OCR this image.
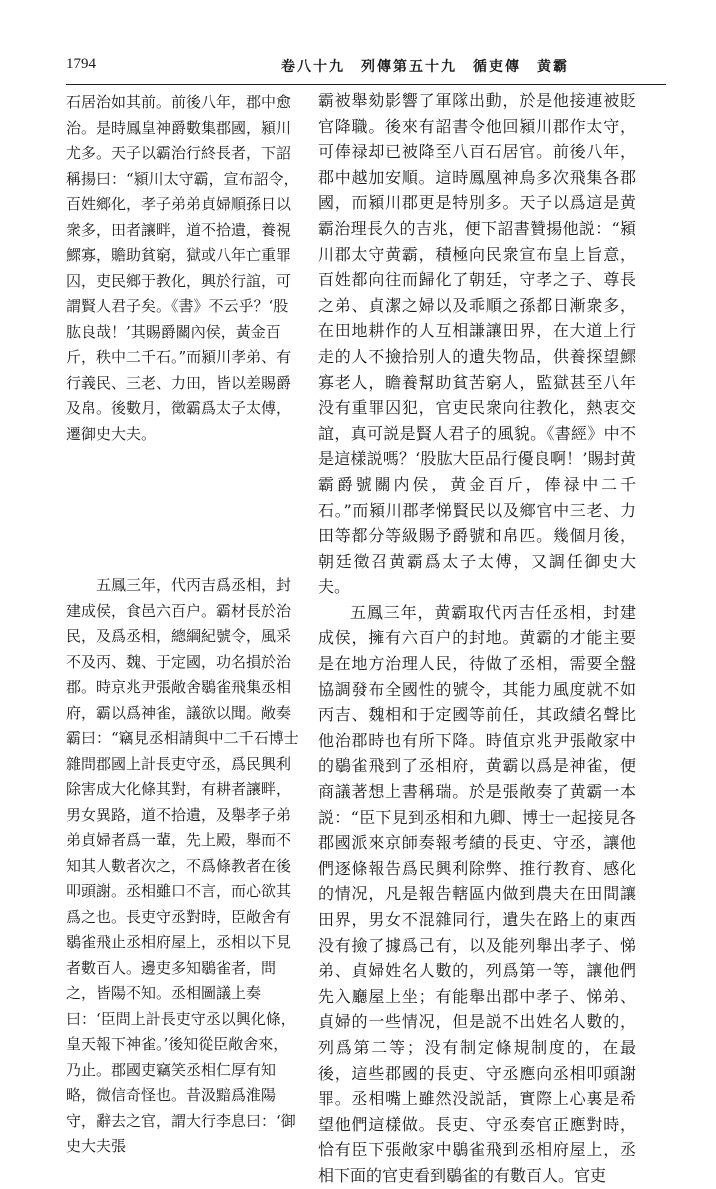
1794	卷八十九　列傳第五十九　循吏傳　黄霸

石居治如其前。前後八年，郡中愈治。是時鳳皇神爵數集郡國，潁川尤多。天子以霸治行終長者，下詔稱揚曰：“潁川太守霸，宣布詔令，百姓鄉化，孝子弟弟貞婦順孫日以衆多，田者讓畔，道不拾遺，養視鰥寡，贍助貧窮，獄或八年亡重罪囚，吏民鄉于教化，興於行誼，可謂賢人君子矣。《書》不云乎？‘股肱良哉！’其賜爵關內侯，黃金百斤，秩中二千石。”而潁川孝弟、有行義民、三老、力田，皆以差賜爵及帛。後數月，徵霸爲太子太傅，遷御史大夫。

五鳳三年，代丙吉爲丞相，封建成侯，食邑六百户。霸材長於治民，及爲丞相，總綱紀號令，風采不及丙、魏、于定國，功名損於治郡。時京兆尹張敞舍鶡雀飛集丞相府，霸以爲神雀，議欲以聞。敞奏霸曰：“竊見丞相請與中二千石博士雜問郡國上計長吏守丞，爲民興利除害成大化條其對，有耕者讓畔，男女異路，道不拾遺，及舉孝子弟弟貞婦者爲一輩，先上殿，舉而不知其人數者次之，不爲條教者在後叩頭謝。丞相雖口不言，而心欲其爲之也。長吏守丞對時，臣敞舍有鶡雀飛止丞相府屋上，丞相以下見者數百人。邊吏多知鶡雀者，問之，皆陽不知。丞相圖議上奏曰：‘臣問上計長吏守丞以興化條，皇天報下神雀。’後知從臣敞舍來，乃止。郡國吏竊笑丞相仁厚有知略，微信奇怪也。昔汲黯爲淮陽守，辭去之官，謂大行李息曰：‘御史大夫張

霸被舉劾影響了軍隊出動，於是他接連被貶官降職。後來有詔書令他回潁川郡作太守，可俸禄却已被降至八百石居官。前後八年，郡中越加安順。這時鳳凰神鳥多次飛集各郡國，而潁川郡更是特別多。天子以爲這是黄霸治理長久的吉兆，便下詔書贊揚他説：“潁川郡太守黄霸，積極向民衆宣布皇上旨意，百姓都向往而歸化了朝廷，守孝之子、尊長之弟、貞潔之婦以及乖順之孫都日漸衆多，在田地耕作的人互相謙讓田界，在大道上行走的人不撿拾别人的遺失物品，供養探望鰥寡老人，瞻養幫助貧苦窮人，監獄甚至八年没有重罪囚犯，官吏民衆向往教化，熱衷交誼，真可説是賢人君子的風貌。《書經》中不是這樣説嗎？‘股肱大臣品行優良啊！’賜封黄霸爵號關内侯，黄金百斤，俸禄中二千石。”而潁川郡孝悌賢民以及鄉官中三老、力田等都分等級賜予爵號和帛匹。幾個月後，朝廷徵召黄霸爲太子太傅，又調任御史大夫。

五鳳三年，黄霸取代丙吉任丞相，封建成侯，擁有六百户的封地。黄霸的才能主要是在地方治理人民，待做了丞相，需要全盤協調發布全國性的號令，其能力風度就不如丙吉、魏相和于定國等前任，其政績名聲比他治郡時也有所下降。時值京兆尹張敞家中的鶡雀飛到了丞相府，黄霸以爲是神雀，便商議著想上書稱瑞。於是張敞奏了黄霸一本説：“臣下見到丞相和九卿、博士一起接見各郡國派來京師奏報考績的長吏、守丞，讓他們逐條報告爲民興利除弊、推行教育、感化的情况，凡是報告轄區内做到農夫在田間讓田界，男女不混雜同行，遺失在路上的東西没有撿了據爲己有，以及能列舉出孝子、悌弟、貞婦姓名人數的，列爲第一等，讓他們先入廳屋上坐；有能舉出郡中孝子、悌弟、貞婦的一些情况，但是説不出姓名人數的，列爲第二等；没有制定條規制度的，在最後，這些郡國的長吏、守丞應向丞相叩頭謝罪。丞相嘴上雖然没説話，實際上心裏是希望他們這樣做。長吏、守丞奏官正應對時，恰有臣下張敞家中鶡雀飛到丞相府屋上，丞相下面的官吏看到鶡雀的有數百人。官吏
